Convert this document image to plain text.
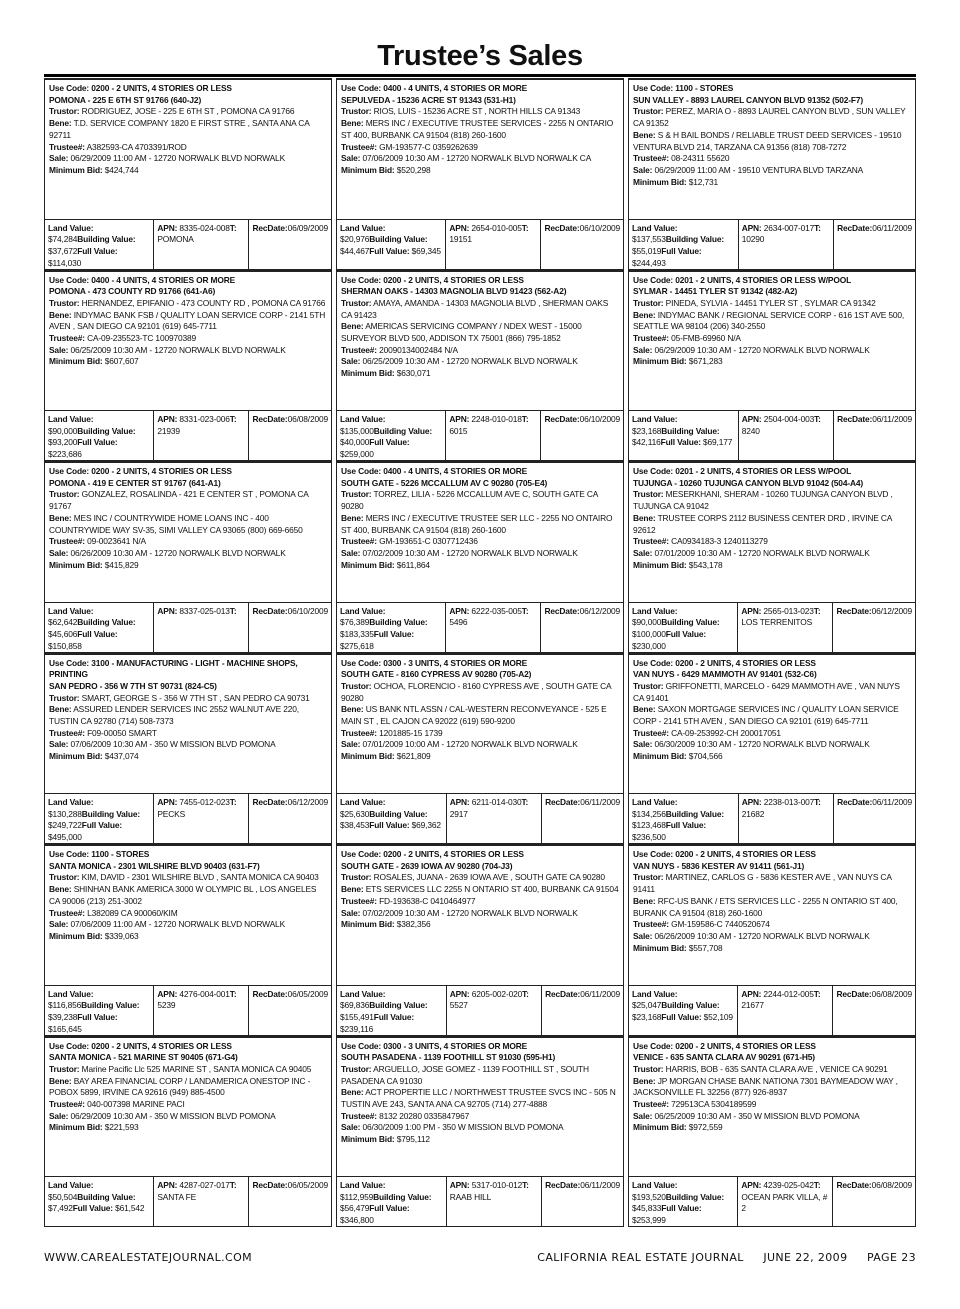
Trustee’s Sales
Use Code: 0200 - 2 UNITS, 4 STORIES OR LESS
POMONA - 225 E 6TH ST 91766 (640-J2)
Trustor: RODRIGUEZ, JOSE - 225 E 6TH ST , POMONA CA 91766
Bene: T.D. SERVICE COMPANY 1820 E FIRST STRE , SANTA ANA CA 92711
Trustee#: A382593-CA 4703391/ROD
Sale: 06/29/2009 11:00 AM - 12720 NORWALK BLVD NORWALK
Minimum Bid: $424,744
Land Value: $74,284Building Value: $37,672Full Value: $114,030
APN: 8335-024-008T: POMONA
RecDate:06/09/2009
Use Code: 0400 - 4 UNITS, 4 STORIES OR MORE
SEPULVEDA - 15236 ACRE ST 91343 (531-H1)
Trustor: RIOS, LUIS - 15236 ACRE ST , NORTH HILLS CA 91343
Bene: MERS INC / EXECUTIVE TRUSTEE SERVICES - 2255 N ONTARIO ST 400, BURBANK CA 91504 (818) 260-1600
Trustee#: GM-193577-C 0359262639
Sale: 07/06/2009 10:30 AM - 12720 NORWALK BLVD NORWALK CA
Minimum Bid: $520,298
Land Value: $20,976Building Value: $44,467Full Value: $69,345
APN: 2654-010-005T: 19151
RecDate:06/10/2009
Use Code: 1100 - STORES
SUN VALLEY - 8893 LAUREL CANYON BLVD 91352 (502-F7)
Trustor: PEREZ, MARIA O - 8893 LAUREL CANYON BLVD , SUN VALLEY CA 91352
Bene: S & H BAIL BONDS / RELIABLE TRUST DEED SERVICES - 19510 VENTURA BLVD 214, TARZANA CA 91356 (818) 708-7272
Trustee#: 08-24311 55620
Sale: 06/29/2009 11:00 AM - 19510 VENTURA BLVD TARZANA
Minimum Bid: $12,731
Land Value: $137,553Building Value: $55,019Full Value: $244,493
APN: 2634-007-017T: 10290
RecDate:06/11/2009
Use Code: 0400 - 4 UNITS, 4 STORIES OR MORE
POMONA - 473 COUNTY RD 91766 (641-A6)
Trustor: HERNANDEZ, EPIFANIO - 473 COUNTY RD , POMONA CA 91766
Bene: INDYMAC BANK FSB / QUALITY LOAN SERVICE CORP - 2141 5TH AVEN , SAN DIEGO CA 92101 (619) 645-7711
Trustee#: CA-09-235523-TC 100970389
Sale: 06/25/2009 10:30 AM - 12720 NORWALK BLVD NORWALK
Minimum Bid: $607,607
Land Value: $90,000Building Value: $93,200Full Value: $223,686
APN: 8331-023-006T: 21939
RecDate:06/08/2009
Use Code: 0200 - 2 UNITS, 4 STORIES OR LESS
SHERMAN OAKS - 14303 MAGNOLIA BLVD 91423 (562-A2)
Trustor: AMAYA, AMANDA - 14303 MAGNOLIA BLVD , SHERMAN OAKS CA 91423
Bene: AMERICAS SERVICING COMPANY / NDEX WEST - 15000 SURVEYOR BLVD 500, ADDISON TX 75001 (866) 795-1852
Trustee#: 20090134002484 N/A
Sale: 06/25/2009 10:30 AM - 12720 NORWALK BLVD NORWALK
Minimum Bid: $630,071
Land Value: $135,000Building Value: $40,000Full Value: $259,000
APN: 2248-010-018T: 6015
RecDate:06/10/2009
Use Code: 0201 - 2 UNITS, 4 STORIES OR LESS W/POOL
SYLMAR - 14451 TYLER ST 91342 (482-A2)
Trustor: PINEDA, SYLVIA - 14451 TYLER ST , SYLMAR CA 91342
Bene: INDYMAC BANK / REGIONAL SERVICE CORP - 616 1ST AVE 500, SEATTLE WA 98104 (206) 340-2550
Trustee#: 05-FMB-69960 N/A
Sale: 06/29/2009 10:30 AM - 12720 NORWALK BLVD NORWALK
Minimum Bid: $671,283
Land Value: $23,168Building Value: $42,116Full Value: $69,177
APN: 2504-004-003T: 8240
RecDate:06/11/2009
Use Code: 0200 - 2 UNITS, 4 STORIES OR LESS
POMONA - 419 E CENTER ST 91767 (641-A1)
Trustor: GONZALEZ, ROSALINDA - 421 E CENTER ST , POMONA CA 91767
Bene: MES INC / COUNTRYWIDE HOME LOANS INC - 400 COUNTRYWIDE WAY SV-35, SIMI VALLEY CA 93065 (800) 669-6650
Trustee#: 09-0023641 N/A
Sale: 06/26/2009 10:30 AM - 12720 NORWALK BLVD NORWALK
Minimum Bid: $415,829
Land Value: $62,642Building Value: $45,606Full Value: $150,858
APN: 8337-025-013T:	RecDate:06/10/2009
Use Code: 0400 - 4 UNITS, 4 STORIES OR MORE
SOUTH GATE - 5226 MCCALLUM AV C 90280 (705-E4)
Trustor: TORREZ, LILIA - 5226 MCCALLUM AVE C, SOUTH GATE CA 90280
Bene: MERS INC / EXECUTIVE TRUSTEE SER LLC - 2255 NO ONTAIRO ST 400, BURBANK CA 91504 (818) 260-1600
Trustee#: GM-193651-C 0307712436
Sale: 07/02/2009 10:30 AM - 12720 NORWALK BLVD NORWALK
Minimum Bid: $611,864
Land Value: $76,389Building Value: $183,335Full Value: $275,618
APN: 6222-035-005T: 5496
RecDate:06/12/2009
Use Code: 0201 - 2 UNITS, 4 STORIES OR LESS W/POOL
TUJUNGA - 10260 TUJUNGA CANYON BLVD 91042 (504-A4)
Trustor: MESERKHANI, SHERAM - 10260 TUJUNGA CANYON BLVD , TUJUNGA CA 91042
Bene: TRUSTEE CORPS 2112 BUSINESS CENTER DRD , IRVINE CA 92612
Trustee#: CA0934183-3 1240113279
Sale: 07/01/2009 10:30 AM - 12720 NORWALK BLVD NORWALK
Minimum Bid: $543,178
Land Value: $90,000Building Value: $100,000Full Value: $230,000
APN: 2565-013-023T: LOS TERRENITOS
RecDate:06/12/2009
Use Code: 3100 - MANUFACTURING - LIGHT - MACHINE SHOPS, PRINTING
SAN PEDRO - 356 W 7TH ST 90731 (824-C5)
Trustor: SMART, GEORGE S - 356 W 7TH ST , SAN PEDRO CA 90731
Bene: ASSURED LENDER SERVICES INC 2552 WALNUT AVE 220, TUSTIN CA 92780 (714) 508-7373
Trustee#: F09-00050 SMART
Sale: 07/06/2009 10:30 AM - 350 W MISSION BLVD POMONA
Minimum Bid: $437,074
Land Value: $130,288Building Value: $249,722Full Value: $495,000
APN: 7455-012-023T: PECKS
RecDate:06/12/2009
Use Code: 0300 - 3 UNITS, 4 STORIES OR MORE
SOUTH GATE - 8160 CYPRESS AV 90280 (705-A2)
Trustor: OCHOA, FLORENCIO - 8160 CYPRESS AVE , SOUTH GATE CA 90280
Bene: US BANK NTL ASSN / CAL-WESTERN RECONVEYANCE - 525 E MAIN ST , EL CAJON CA 92022 (619) 590-9200
Trustee#: 1201885-15 1739
Sale: 07/01/2009 10:00 AM - 12720 NORWALK BLVD NORWALK
Minimum Bid: $621,809
Land Value: $25,630Building Value: $38,453Full Value: $69,362
APN: 6211-014-030T: 2917
RecDate:06/11/2009
Use Code: 0200 - 2 UNITS, 4 STORIES OR LESS
VAN NUYS - 6429 MAMMOTH AV 91401 (532-C6)
Trustor: GRIFFONETTI, MARCELO - 6429 MAMMOTH AVE , VAN NUYS CA 91401
Bene: SAXON MORTGAGE SERVICES INC / QUALITY LOAN SERVICE CORP - 2141 5TH AVEN , SAN DIEGO CA 92101 (619) 645-7711
Trustee#: CA-09-253992-CH 200017051
Sale: 06/30/2009 10:30 AM - 12720 NORWALK BLVD NORWALK
Minimum Bid: $704,566
Land Value: $134,256Building Value: $123,468Full Value: $236,500
APN: 2238-013-007T: 21682
RecDate:06/11/2009
Use Code: 1100 - STORES
SANTA MONICA - 2301 WILSHIRE BLVD 90403 (631-F7)
Trustor: KIM, DAVID - 2301 WILSHIRE BLVD , SANTA MONICA CA 90403
Bene: SHINHAN BANK AMERICA 3000 W OLYMPIC BL , LOS ANGELES CA 90006 (213) 251-3002
Trustee#: L382089 CA 900060/KIM
Sale: 07/06/2009 11:00 AM - 12720 NORWALK BLVD NORWALK
Minimum Bid: $339,063
Land Value: $116,856Building Value: $39,238Full Value: $165,645
APN: 4276-004-001T: 5239
RecDate:06/05/2009
Use Code: 0200 - 2 UNITS, 4 STORIES OR LESS
SOUTH GATE - 2639 IOWA AV 90280 (704-J3)
Trustor: ROSALES, JUANA - 2639 IOWA AVE , SOUTH GATE CA 90280
Bene: ETS SERVICES LLC 2255 N ONTARIO ST 400, BURBANK CA 91504
Trustee#: FD-193638-C 0410464977
Sale: 07/02/2009 10:30 AM - 12720 NORWALK BLVD NORWALK
Minimum Bid: $382,356
Land Value: $69,836Building Value: $155,491Full Value: $239,116
APN: 6205-002-020T: 5527
RecDate:06/11/2009
Use Code: 0200 - 2 UNITS, 4 STORIES OR LESS
VAN NUYS - 5836 KESTER AV 91411 (561-J1)
Trustor: MARTINEZ, CARLOS G - 5836 KESTER AVE , VAN NUYS CA 91411
Bene: RFC-US BANK / ETS SERVICES LLC - 2255 N ONTARIO ST 400, BURANK CA 91504 (818) 260-1600
Trustee#: GM-159586-C 7440520674
Sale: 06/26/2009 10:30 AM - 12720 NORWALK BLVD NORWALK
Minimum Bid: $557,708
Land Value: $25,047Building Value: $23,168Full Value: $52,109
APN: 2244-012-005T: 21677
RecDate:06/08/2009
Use Code: 0200 - 2 UNITS, 4 STORIES OR LESS
SANTA MONICA - 521 MARINE ST 90405 (671-G4)
Trustor: Marine Pacific Llc 525 MARINE ST , SANTA MONICA CA 90405
Bene: BAY AREA FINANCIAL CORP / LANDAMERICA ONESTOP INC - POBOX 5899, IRVINE CA 92616 (949) 885-4500
Trustee#: 040-007398 MARINE PACI
Sale: 06/29/2009 10:30 AM - 350 W MISSION BLVD POMONA
Minimum Bid: $221,593
Land Value: $50,504Building Value: $7,492Full Value: $61,542
APN: 4287-027-017T: SANTA FE
RecDate:06/05/2009
Use Code: 0300 - 3 UNITS, 4 STORIES OR MORE
SOUTH PASADENA - 1139 FOOTHILL ST 91030 (595-H1)
Trustor: ARGUELLO, JOSE GOMEZ - 1139 FOOTHILL ST , SOUTH PASADENA CA 91030
Bene: ACT PROPERTIE LLC / NORTHWEST TRUSTEE SVCS INC - 505 N TUSTIN AVE 243, SANTA ANA CA 92705 (714) 277-4888
Trustee#: 8132 20280 0335847967
Sale: 06/30/2009 1:00 PM - 350 W MISSION BLVD POMONA
Minimum Bid: $795,112
Land Value: $112,959Building Value: $56,479Full Value: $346,800
APN: 5317-010-012T: RAAB HILL
RecDate:06/11/2009
Use Code: 0200 - 2 UNITS, 4 STORIES OR LESS
VENICE - 635 SANTA CLARA AV 90291 (671-H5)
Trustor: HARRIS, BOB - 635 SANTA CLARA AVE , VENICE CA 90291
Bene: JP MORGAN CHASE BANK NATIONA 7301 BAYMEADOW WAY , JACKSONVILLE FL 32256 (877) 926-8937
Trustee#: 729513CA 5304189599
Sale: 06/25/2009 10:30 AM - 350 W MISSION BLVD POMONA
Minimum Bid: $972,559
Land Value: $193,520Building Value: $45,833Full Value: $253,999
APN: 4239-025-042T: OCEAN PARK VILLA, # 2
RecDate:06/08/2009
WWW.CAREALESTATEJOURNAL.COM	CALIFORNIA REAL ESTATE JOURNAL JUNE 22, 2009 PAGE 23
